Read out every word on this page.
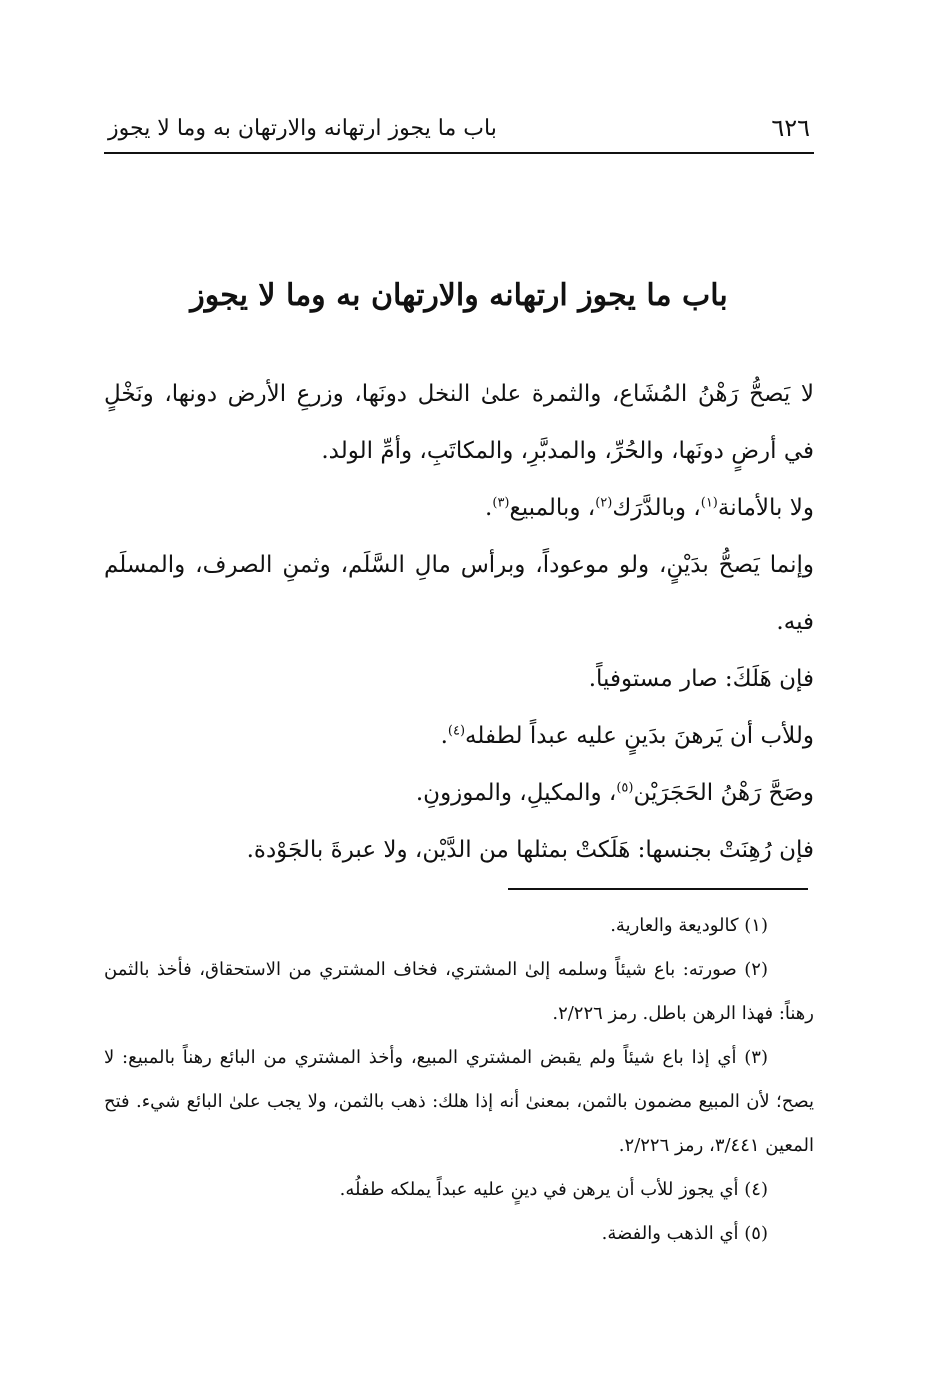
٦٢٦
باب ما يجوز ارتهانه والارتهان به وما لا يجوز
باب ما يجوز ارتهانه والارتهان به وما لا يجوز

لا يَصحُّ رَهْنُ المُشَاع، والثمرة علىٰ النخل دونَها، وزرعِ الأرض دونها، ونَخْلٍ في أرضٍ دونَها، والحُرِّ، والمدبَّرِ، والمكاتَبِ، وأمِّ الولد.

ولا بالأمانة$^{(١)}$، وبالدَّرَك$^{(٢)}$، وبالمبيع$^{(٣)}$.

وإنما يَصحُّ بدَيْنٍ، ولو موعوداً، وبرأس مالِ السَّلَم، وثمنِ الصرف، والمسلَم فيه.

فإن هَلَكَ: صار مستوفياً.

وللأب أن يَرهنَ بدَينٍ عليه عبداً لطفله$^{(٤)}$.

وصَحَّ رَهْنُ الحَجَرَيْن$^{(٥)}$، والمكيلِ، والموزونِ.

فإن رُهِنَتْ بجنسها: هَلَكتْ بمثلها من الدَّيْن، ولا عبرةَ بالجَوْدة.

(١) كالوديعة والعارية.

(٢) صورته: باع شيئاً وسلمه إلىٰ المشتري، فخاف المشتري من الاستحقاق، فأخذ بالثمن رهناً: فهذا الرهن باطل. رمز ٢/٢٢٦.

(٣) أي إذا باع شيئاً ولم يقبض المشتري المبيع، وأخذ المشتري من البائع رهناً بالمبيع: لا يصح؛ لأن المبيع مضمون بالثمن، بمعنىٰ أنه إذا هلك: ذهب بالثمن، ولا يجب علىٰ البائع شيء. فتح المعين ٣/٤٤١، رمز ٢/٢٢٦.

(٤) أي يجوز للأب أن يرهن في دينٍ عليه عبداً يملكه طفلُه.

(٥) أي الذهب والفضة.
